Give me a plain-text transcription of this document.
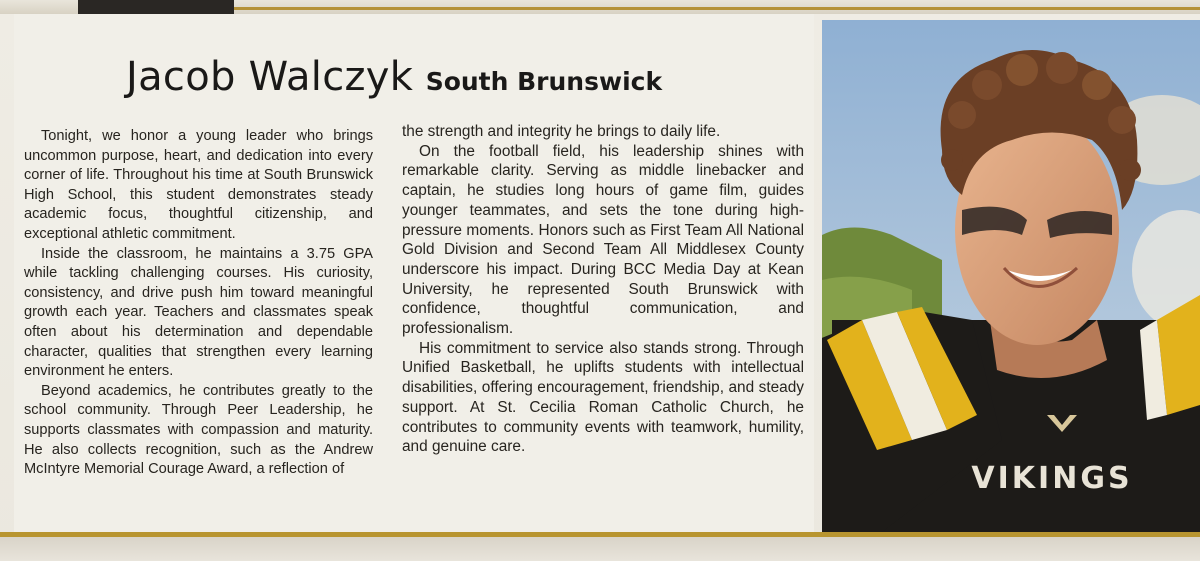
Jacob Walczyk South Brunswick

Tonight, we honor a young leader who brings uncommon purpose, heart, and dedication into every corner of life. Throughout his time at South Brunswick High School, this student demonstrates steady academic focus, thoughtful citizenship, and exceptional athletic commitment.

Inside the classroom, he maintains a 3.75 GPA while tackling challenging courses. His curiosity, consistency, and drive push him toward meaningful growth each year. Teachers and classmates speak often about his determination and dependable character, qualities that strengthen every learning environment he enters.

Beyond academics, he contributes greatly to the school community. Through Peer Leadership, he supports classmates with compassion and maturity. He also collects recognition, such as the Andrew McIntyre Memorial Courage Award, a reflection of

the strength and integrity he brings to daily life.

On the football field, his leadership shines with remarkable clarity. Serving as middle linebacker and captain, he studies long hours of game film, guides younger teammates, and sets the tone during high-pressure moments. Honors such as First Team All National Gold Division and Second Team All Middlesex County underscore his impact. During BCC Media Day at Kean University, he represented South Brunswick with confidence, thoughtful communication, and professionalism.

His commitment to service also stands strong. Through Unified Basketball, he uplifts students with intellectual disabilities, offering encouragement, friendship, and steady support. At St. Cecilia Roman Catholic Church, he contributes to community events with teamwork, humility, and genuine care.

VIKINGS
